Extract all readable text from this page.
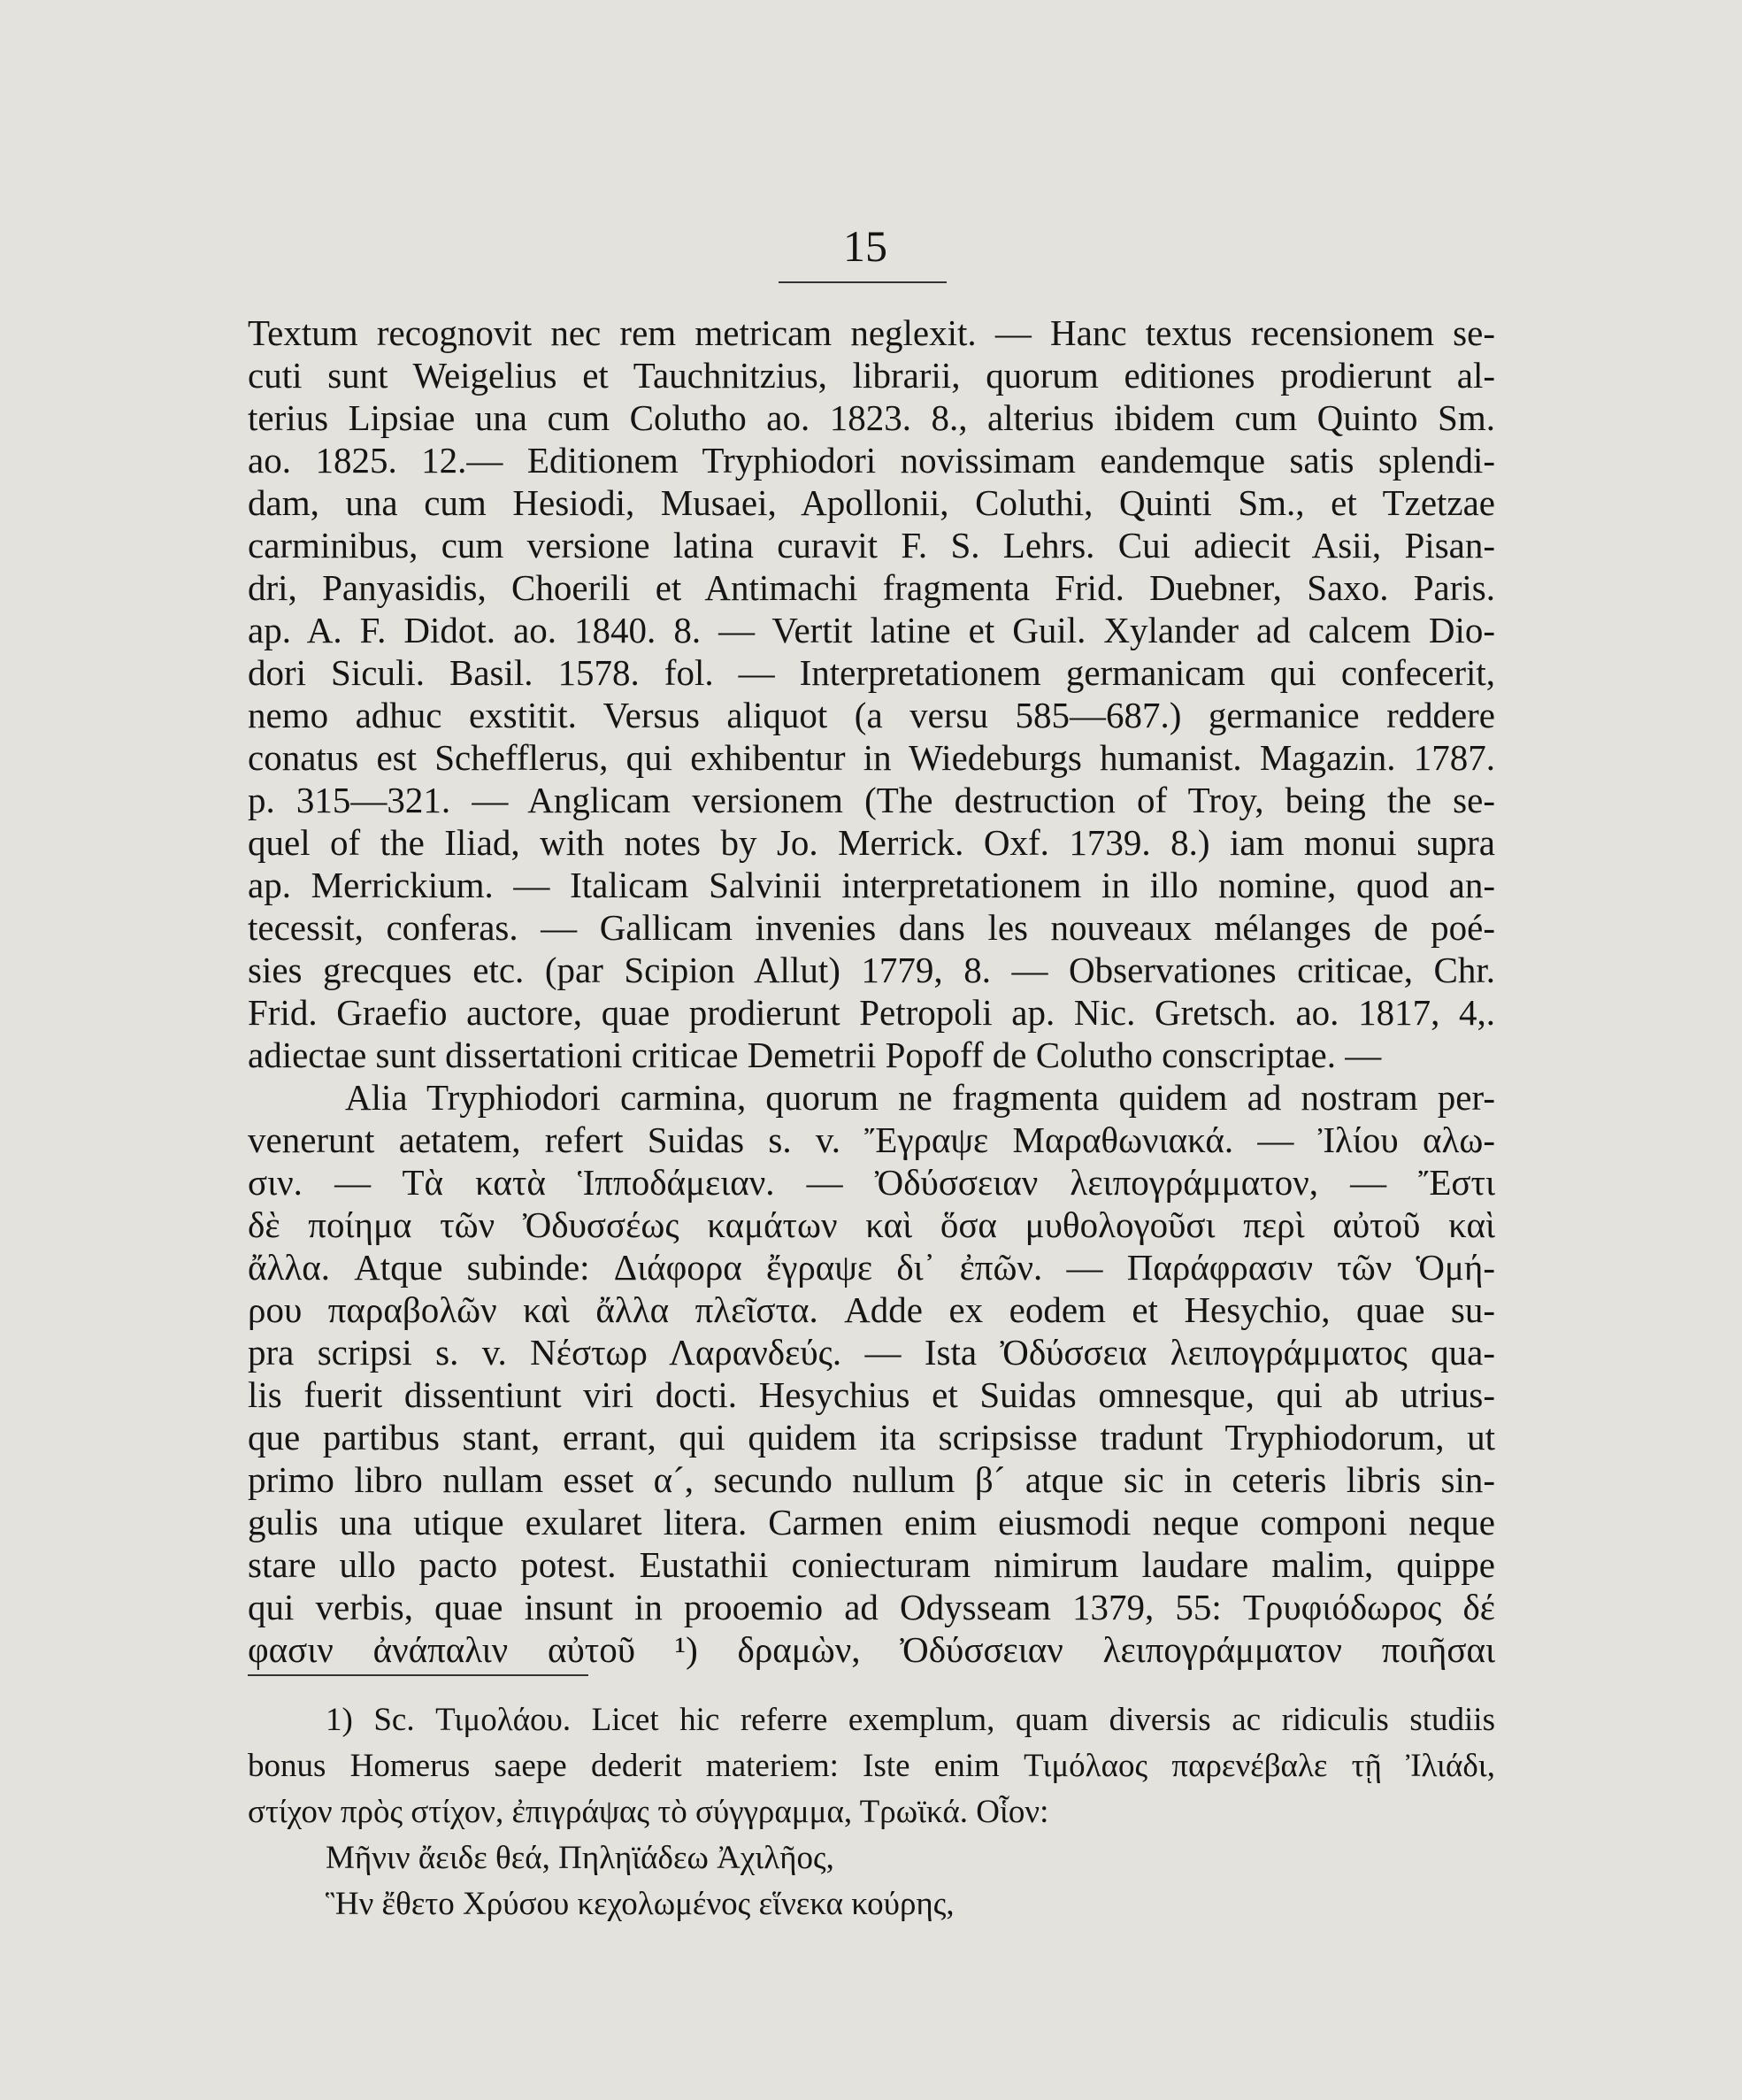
15
Textum recognovit nec rem metricam neglexit. — Hanc textus recensionem se-
cuti sunt Weigelius et Tauchnitzius, librarii, quorum editiones prodierunt al-
terius Lipsiae una cum Colutho ao. 1823. 8., alterius ibidem cum Quinto Sm.
ao. 1825. 12.— Editionem Tryphiodori novissimam eandemque satis splendi-
dam, una cum Hesiodi, Musaei, Apollonii, Coluthi, Quinti Sm., et Tzetzae
carminibus, cum versione latina curavit F. S. Lehrs. Cui adiecit Asii, Pisan-
dri, Panyasidis, Choerili et Antimachi fragmenta Frid. Duebner, Saxo. Paris.
ap. A. F. Didot. ao. 1840. 8. — Vertit latine et Guil. Xylander ad calcem Dio-
dori Siculi. Basil. 1578. fol. — Interpretationem germanicam qui confecerit,
nemo adhuc exstitit. Versus aliquot (a versu 585—687.) germanice reddere
conatus est Schefflerus, qui exhibentur in Wiedeburgs humanist. Magazin. 1787.
p. 315—321. — Anglicam versionem (The destruction of Troy, being the se-
quel of the Iliad, with notes by Jo. Merrick. Oxf. 1739. 8.) iam monui supra
ap. Merrickium. — Italicam Salvinii interpretationem in illo nomine, quod an-
tecessit, conferas. — Gallicam invenies dans les nouveaux mélanges de poé-
sies grecques etc. (par Scipion Allut) 1779, 8. — Observationes criticae, Chr.
Frid. Graefio auctore, quae prodierunt Petropoli ap. Nic. Gretsch. ao. 1817, 4,.
adiectae sunt dissertationi criticae Demetrii Popoff de Colutho conscriptae. —
Alia Tryphiodori carmina, quorum ne fragmenta quidem ad nostram per-
venerunt aetatem, refert Suidas s. v. Ἔγραψε Μαραθωνιακά. — Ἰλίου αλω-
σιν. — Τὰ κατὰ Ἱπποδάμειαν. — Ὀδύσσειαν λειπογράμματον, — Ἔστι
δὲ ποίημα τῶν Ὀδυσσέως καμάτων καὶ ὅσα μυθολογοῦσι περὶ αὐτοῦ καὶ
ἄλλα. Atque subinde: Διάφορα ἔγραψε δι᾽ ἐπῶν. — Παράφρασιν τῶν Ὁμή-
ρου παραβολῶν καὶ ἄλλα πλεῖστα. Adde ex eodem et Hesychio, quae su-
pra scripsi s. v. Νέστωρ Λαρανδεύς. — Ista Ὀδύσσεια λειπογράμματος qua-
lis fuerit dissentiunt viri docti. Hesychius et Suidas omnesque, qui ab utrius-
que partibus stant, errant, qui quidem ita scripsisse tradunt Tryphiodorum, ut
primo libro nullam esset α´, secundo nullum β´ atque sic in ceteris libris sin-
gulis una utique exularet litera. Carmen enim eiusmodi neque componi neque
stare ullo pacto potest. Eustathii coniecturam nimirum laudare malim, quippe
qui verbis, quae insunt in prooemio ad Odysseam 1379, 55: Τρυφιόδωρος δέ
φασιν ἀνάπαλιν αὐτοῦ ¹) δραμὼν, Ὀδύσσειαν λειπογράμματον ποιῆσαι
1) Sc. Τιμολάου. Licet hic referre exemplum, quam diversis ac ridiculis studiis
bonus Homerus saepe dederit materiem: Iste enim Τιμόλαος παρενέβαλε τῇ Ἰλιάδι,
στίχον πρὸς στίχον, ἐπιγράψας τὸ σύγγραμμα, Τρωϊκά. Οἷον:
Μῆνιν ἄειδε θεά, Πηληϊάδεω Ἀχιλῆος,
Ἣν ἔθετο Χρύσου κεχολωμένος εἵνεκα κούρης,
